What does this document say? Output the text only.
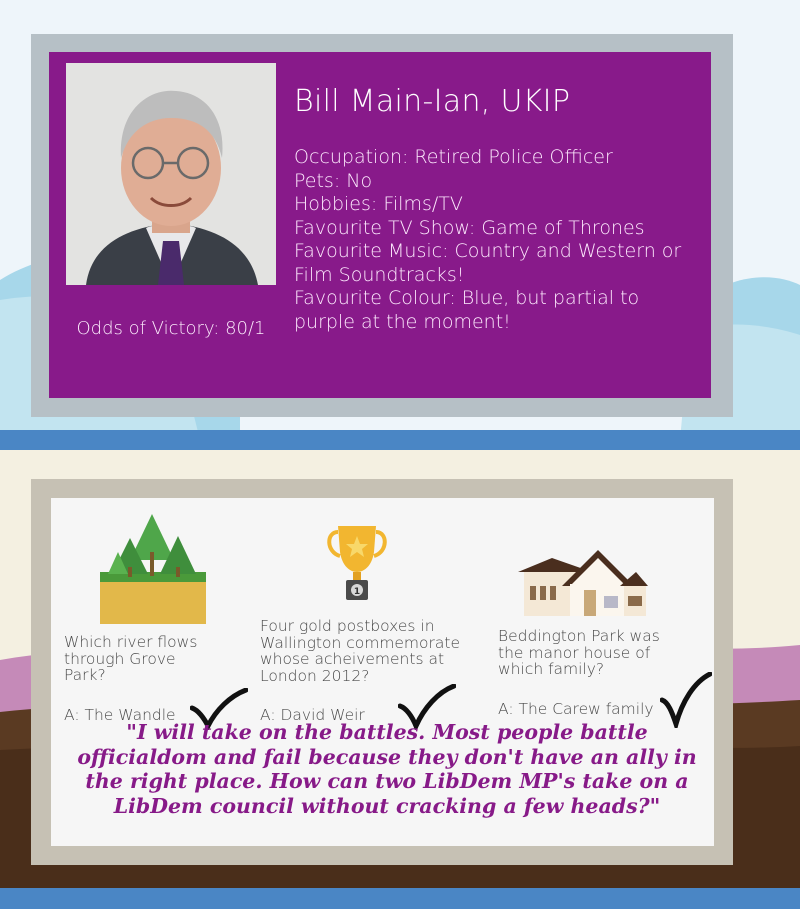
Odds of Victory: 80/1
Bill Main-Ian, UKIP
Occupation: Retired Police Officer
Pets: No
Hobbies: Films/TV
Favourite TV Show: Game of Thrones
Favourite Music: Country and Western or Film Soundtracks!
Favourite Colour: Blue, but partial to purple at the moment!
Which river flows through Grove Park?
A: The Wandle
1
Four gold postboxes in Wallington commemorate whose acheivements at London 2012?
A: David Weir
Beddington Park was the manor house of which family?
A: The Carew family

"I will take on the battles. Most people battle officialdom and fail because they don't have an ally in the right place. How can two LibDem MP's take on a LibDem council without cracking a few heads?"
